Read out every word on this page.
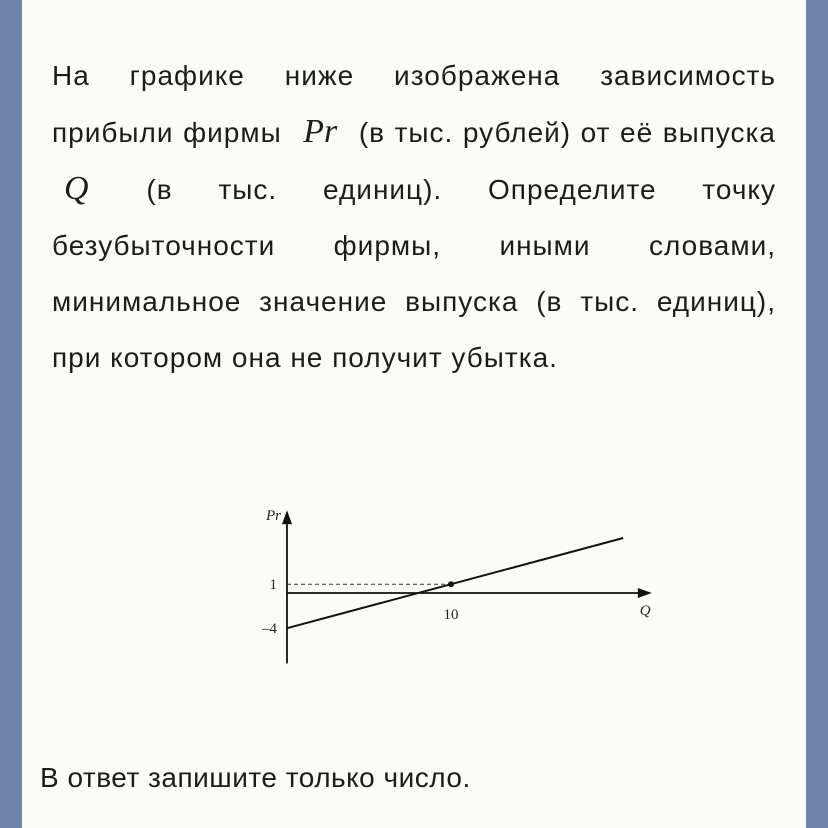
На графике ниже изображена зависимость прибыли фирмы Pr (в тыс. рублей) от её выпуска Q (в тыс. единиц). Определите точку безубыточности фирмы, иными словами, минимальное значение выпуска (в тыс. единиц), при котором она не получит убытка.
Pr
Q
10
1
–4
В ответ запишите только число.
